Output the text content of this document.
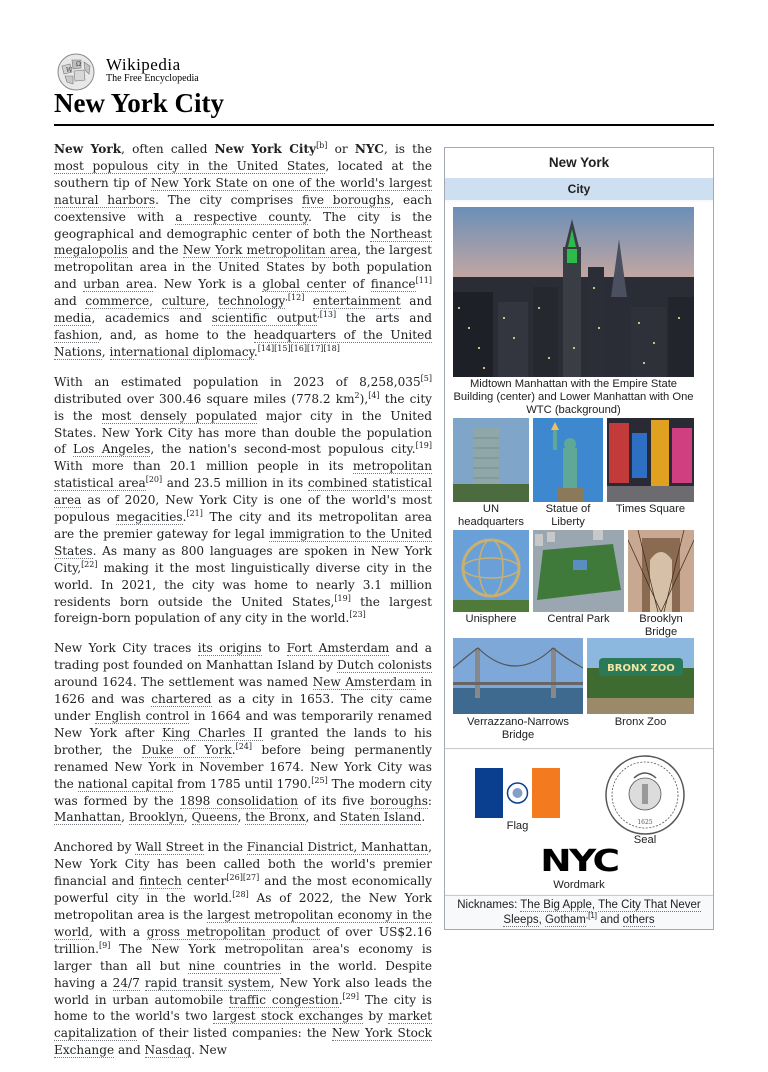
W
Ω Wikipedia
The Free Encyclopedia
New York City

New York, often called New York City[b] or NYC, is the most populous city in the United States, located at the southern tip of New York State on one of the world's largest natural harbors. The city comprises five boroughs, each coextensive with a respective county. The city is the geographical and demographic center of both the Northeast megalopolis and the New York metropolitan area, the largest metropolitan area in the United States by both population and urban area. New York is a global center of finance[11] and commerce, culture, technology$^{,[12]}$ entertainment and media, academics and scientific output$^{,[13]}$ the arts and fashion, and, as home to the headquarters of the United Nations, international diplomacy.[14][15][16][17][18]

With an estimated population in 2023 of 8,258,035[5] distributed over 300.46 square miles (778.2 $km^2),[4]$ the city is the most densely populated major city in the United States. New York City has more than double the population of Los Angeles, the nation's second-most populous city.[19] With more than 20.1 million people in its metropolitan statistical area[20] and 23.5 million in its combined statistical area as of 2020, New York City is one of the world's most populous megacities.[21] The city and its metropolitan area are the premier gateway for legal immigration to the United States. As many as 800 languages are spoken in New York City,[22] making it the most linguistically diverse city in the world. In 2021, the city was home to nearly 3.1 million residents born outside the United States,[19] the largest foreign-born population of any city in the world.[23]

New York City traces its origins to Fort Amsterdam and a trading post founded on Manhattan Island by Dutch colonists around 1624. The settlement was named New Amsterdam in 1626 and was chartered as a city in 1653. The city came under English control in 1664 and was temporarily renamed New York after King Charles II granted the lands to his brother, the Duke of York.[24] before being permanently renamed New York in November 1674. New York City was the national capital from 1785 until 1790.[25] The modern city was formed by the 1898 consolidation of its five boroughs: Manhattan, Brooklyn, Queens, the Bronx, and Staten Island.

Anchored by Wall Street in the Financial District, Manhattan, New York City has been called both the world's premier financial and fintech center[26][27] and the most economically powerful city in the world.[28] As of 2022, the New York metropolitan area is the largest metropolitan economy in the world, with a gross metropolitan product of over US$2.16 trillion.[9] The New York metropolitan area's economy is larger than all but nine countries in the world. Despite having a 24/7 rapid transit system, New York also leads the world in urban automobile traffic congestion.[29] The city is home to the world's two largest stock exchanges by market capitalization of their listed companies: the New York Stock Exchange and Nasdaq. New

New York
City
Midtown Manhattan with the Empire State Building (center) and Lower Manhattan with One WTC (background)
UN headquarters
Statue of Liberty
Times Square
Unisphere	Central Park	Brooklyn Bridge
Verrazzano-Narrows Bridge
BRONX ZOO
Bronx Zoo
Flag	1625
Seal
NYC
Wordmark
Nicknames: The Big Apple, The City That Never Sleeps, Gotham$^{,[1]}$ and others
